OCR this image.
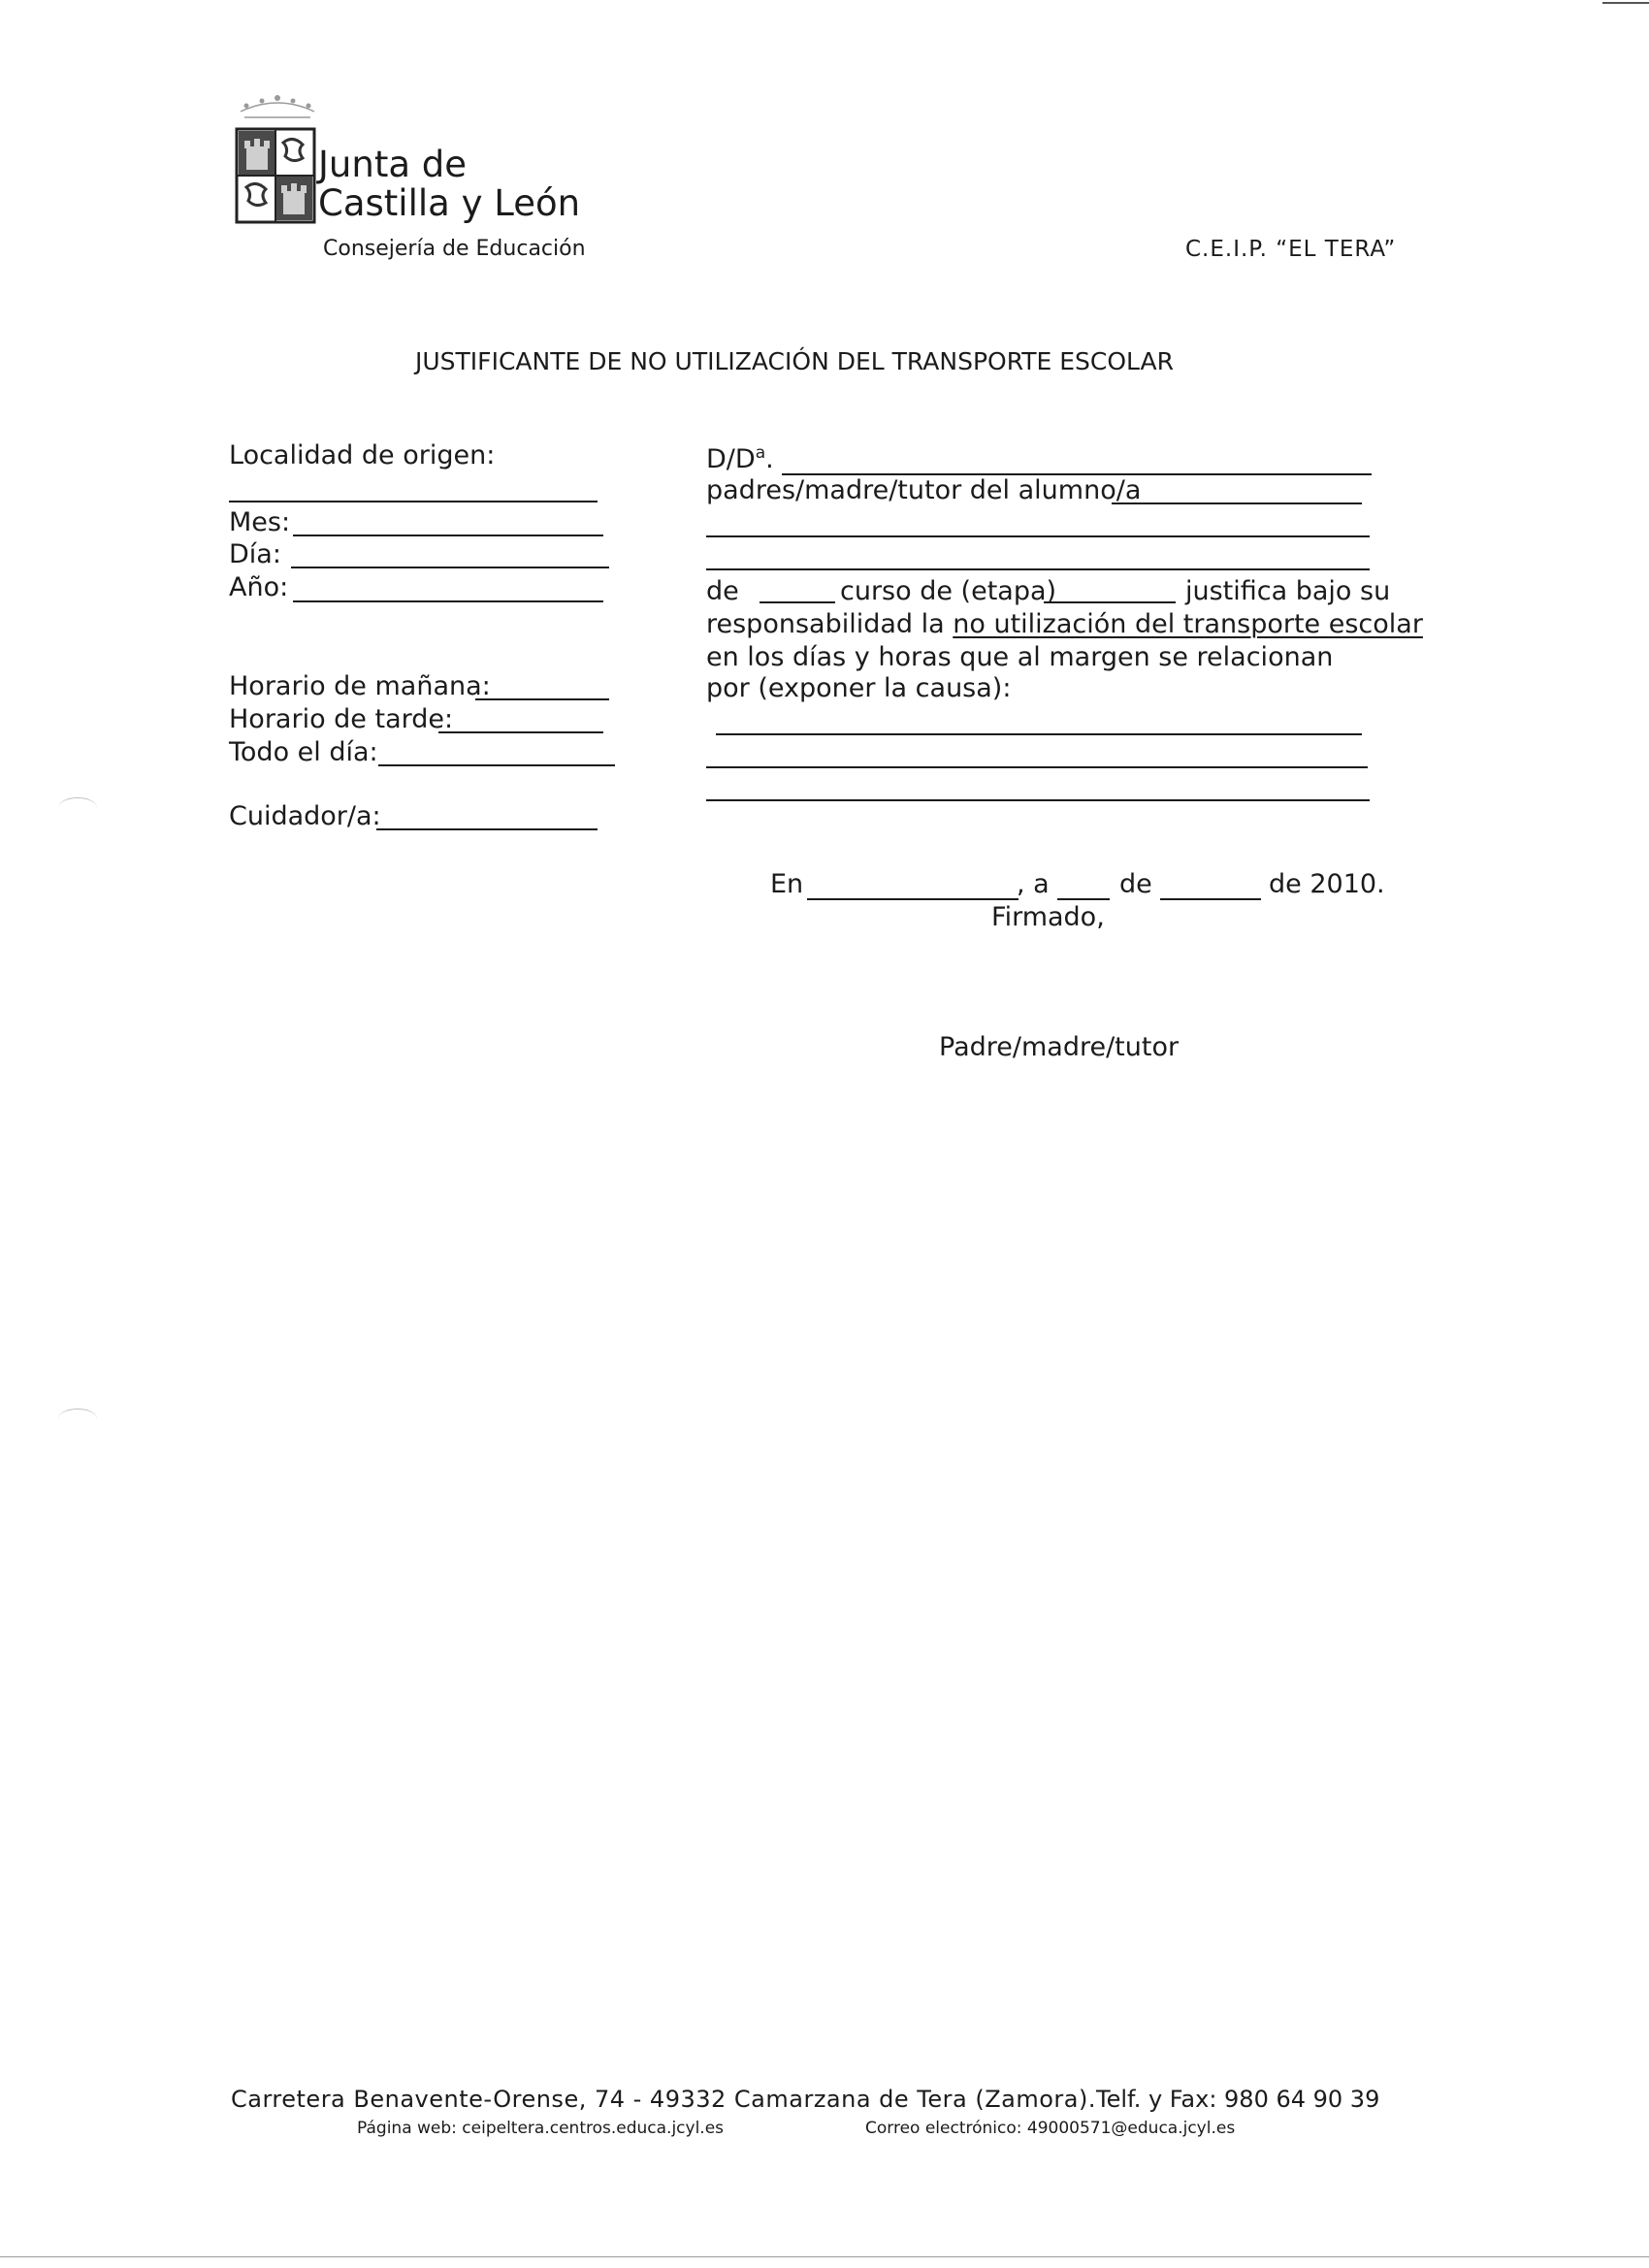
Junta de
Castilla y León
Consejería de Educación	C.E.I.P. “EL TERA”
JUSTIFICANTE DE NO UTILIZACIÓN DEL TRANSPORTE ESCOLAR
Localidad de origen:
Mes:
Día:
Año:
Horario de mañana:
Horario de tarde:
Todo el día:
Cuidador/a:
$D/D^a$.
padres/madre/tutor del alumno/a
de	curso de (etapa)	justifica bajo su
responsabilidad la no utilización del transporte escolar
en los días y horas que al margen se relacionan
por (exponer la causa):
En	, a	de	de 2010.
Firmado,
Padre/madre/tutor
Carretera Benavente-Orense, 74 - 49332 Camarzana de Tera (Zamora). Telf. y Fax: 980 64 90 39
Página web: ceipeltera.centros.educa.jcyl.es	Correo electrónico: 49000571@educa.jcyl.es
